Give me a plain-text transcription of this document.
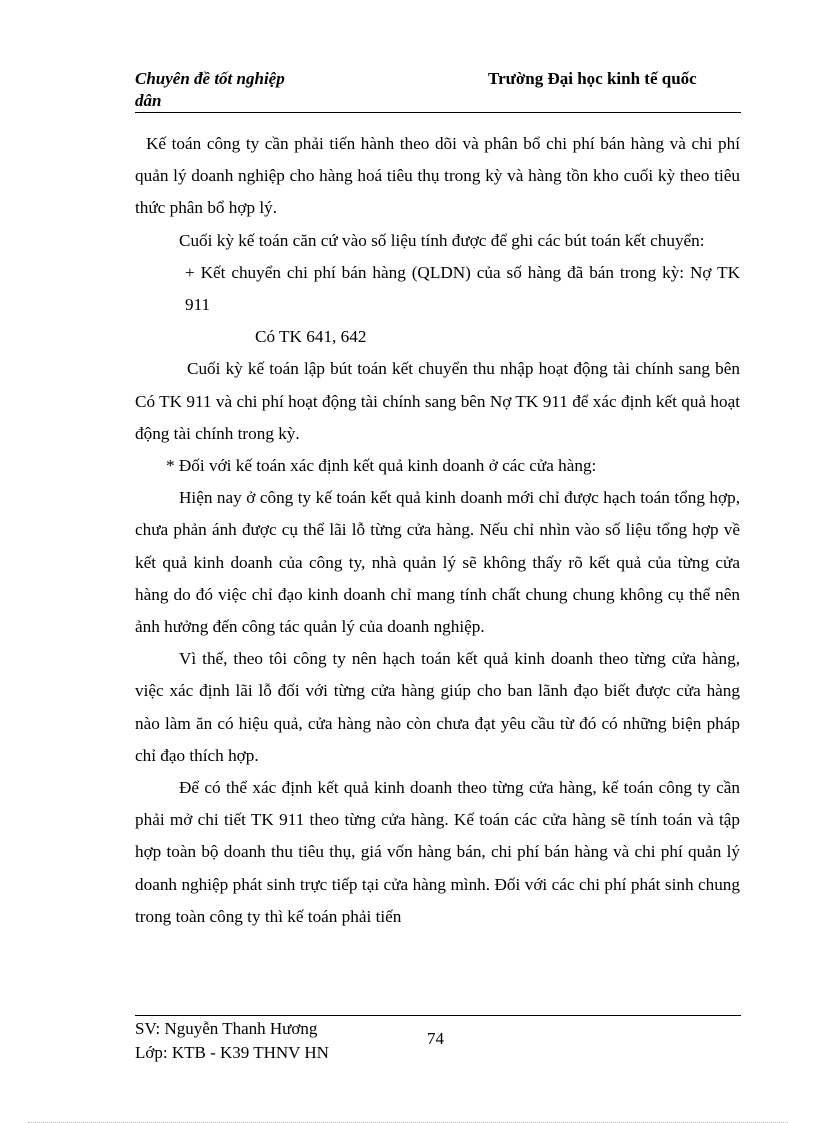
Chuyên đề tốt nghiệp
dân
Trường Đại học kinh tế quốc

Kế toán công ty cần phải tiến hành theo dõi và phân bổ chi phí bán hàng và chi phí quản lý doanh nghiệp cho hàng hoá tiêu thụ trong kỳ và hàng tồn kho cuối kỳ theo tiêu thức phân bổ hợp lý.

Cuối kỳ kế toán căn cứ vào số liệu tính được để ghi các bút toán kết chuyển:

+ Kết chuyển chi phí bán hàng (QLDN) của số hàng đã bán trong kỳ: Nợ TK 911

Có TK 641, 642

Cuối kỳ kế toán lập bút toán kết chuyển thu nhập hoạt động tài chính sang bên Có TK 911 và chi phí hoạt động tài chính sang bên Nợ TK 911 để xác định kết quả hoạt động tài chính trong kỳ.

* Đối với kế toán xác định kết quả kinh doanh ở các cửa hàng:

Hiện nay ở công ty kế toán kết quả kinh doanh mới chỉ được hạch toán tổng hợp, chưa phản ánh được cụ thể lãi lỗ từng cửa hàng. Nếu chỉ nhìn vào số liệu tổng hợp về kết quả kinh doanh của công ty, nhà quản lý sẽ không thấy rõ kết quả của từng cửa hàng do đó việc chỉ đạo kinh doanh chỉ mang tính chất chung chung không cụ thể nên ảnh hưởng đến công tác quản lý của doanh nghiệp.

Vì thế, theo tôi công ty nên hạch toán kết quả kinh doanh theo từng cửa hàng, việc xác định lãi lỗ đối với từng cửa hàng giúp cho ban lãnh đạo biết được cửa hàng nào làm ăn có hiệu quả, cửa hàng nào còn chưa đạt yêu cầu từ đó có những biện pháp chỉ đạo thích hợp.

Để có thể xác định kết quả kinh doanh theo từng cửa hàng, kế toán công ty cần phải mở chi tiết TK 911 theo từng cửa hàng. Kế toán các cửa hàng sẽ tính toán và tập hợp toàn bộ doanh thu tiêu thụ, giá vốn hàng bán, chi phí bán hàng và chi phí quản lý doanh nghiệp phát sinh trực tiếp tại cửa hàng mình. Đối với các chi phí phát sinh chung trong toàn công ty thì kế toán phải tiến

SV: Nguyễn Thanh Hương
Lớp: KTB - K39 THNV HN
74
